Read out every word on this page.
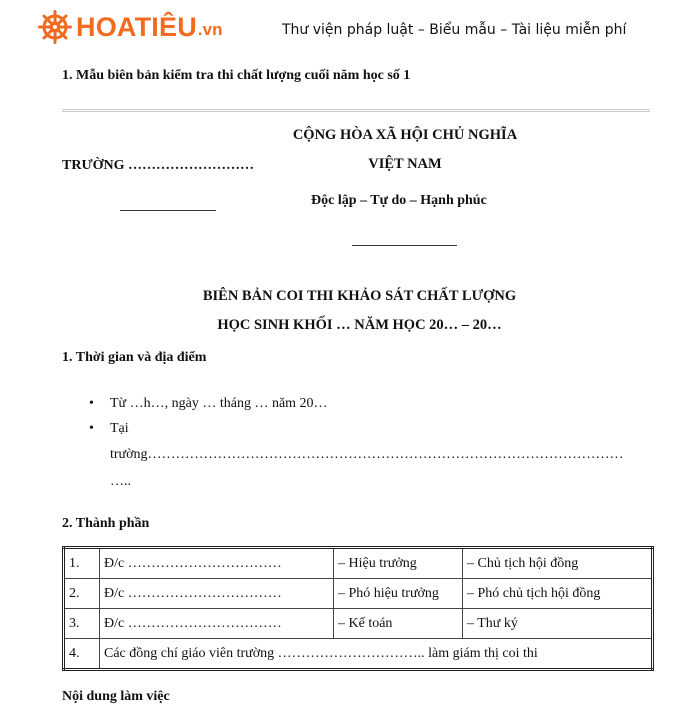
HOATIÊU .vn	Thư viện pháp luật – Biểu mẫu – Tài liệu miễn phí
1. Mẫu biên bản kiểm tra thi chất lượng cuối năm học số 1
CỘNG HÒA XÃ HỘI CHỦ NGHĨA
VIỆT NAM
TRƯỜNG ………………………
Độc lập – Tự do – Hạnh phúc
BIÊN BẢN COI THI KHẢO SÁT CHẤT LƯỢNG
HỌC SINH KHỐI … NĂM HỌC 20… – 20…
1. Thời gian và địa điểm
• Từ …h…, ngày … tháng … năm 20…
• Tại
trường…………………………………………………………………………………………
…..
2. Thành phần
1.	Đ/c ……………………………	– Hiệu trưởng	– Chủ tịch hội đồng
2.	Đ/c ……………………………	– Phó hiệu trưởng	– Phó chủ tịch hội đồng
3.	Đ/c ……………………………	– Kế toán	– Thư ký
4.	Các đồng chí giáo viên trường ………………………….. làm giám thị coi thi		
Nội dung làm việc
